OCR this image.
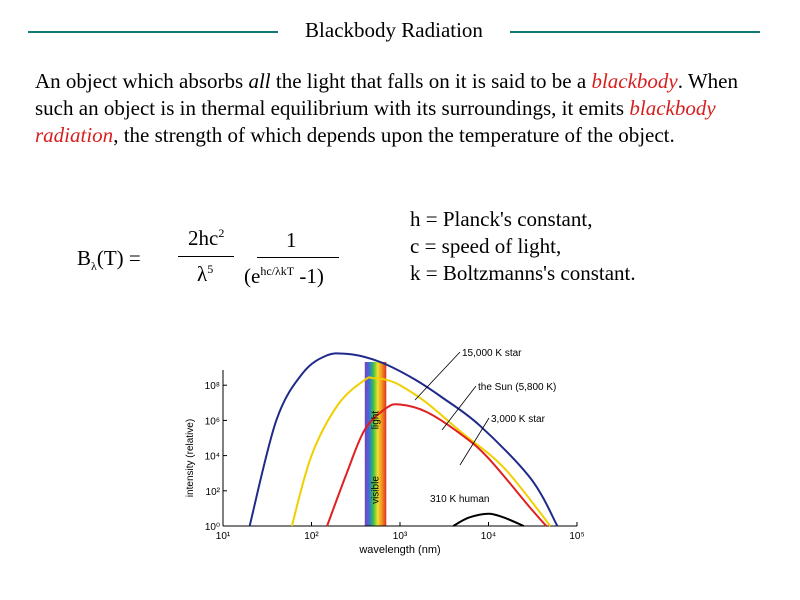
Blackbody Radiation
An object which absorbs all the light that falls on it is said to be a blackbody. When such an object is in thermal equilibrium with its surroundings, it emits blackbody radiation, the strength of which depends upon the temperature of the object.
$B_\lambda(T)$ =
$2hc^2$
$\lambda^5$
1
($e^{hc/\lambda kT}$ -1)
h = Planck's constant,
c = speed of light,
k = Boltzmanns's constant.
10¹	10²	10³	10⁴	10⁵
10⁰
10²
10⁴
10⁶
10⁸
wavelength (nm)
intensity (relative)	visible
light
15,000 K star
the Sun (5,800 K)
3,000 K star
310 K human
